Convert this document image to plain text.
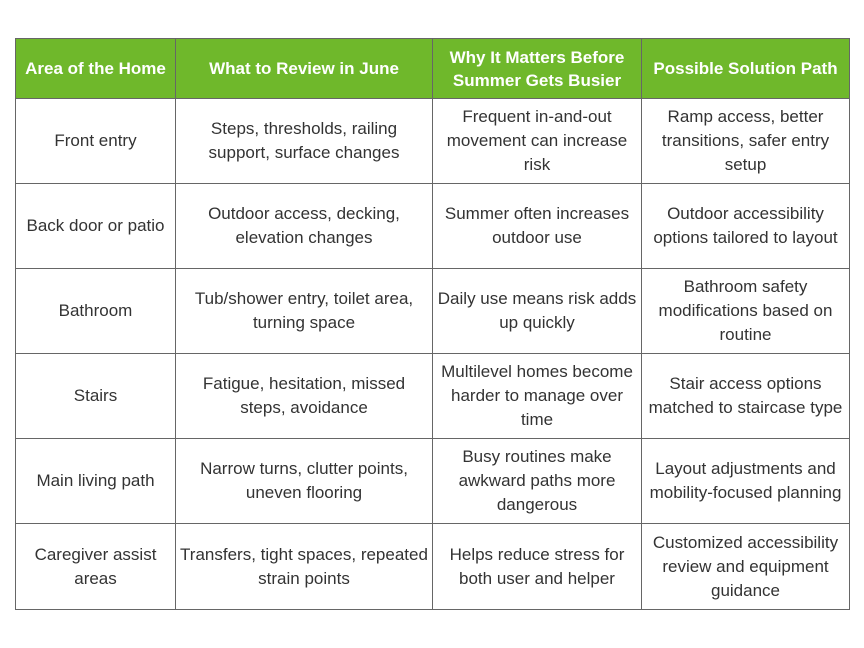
Area of the Home	What to Review in June	Why It Matters Before Summer Gets Busier	Possible Solution Path
Front entry	Steps, thresholds, railing support, surface changes	Frequent in-and-out movement can increase risk	Ramp access, better transitions, safer entry setup
Back door or patio	Outdoor access, decking, elevation changes	Summer often increases outdoor use	Outdoor accessibility options tailored to layout
Bathroom	Tub/shower entry, toilet area, turning space	Daily use means risk adds up quickly	Bathroom safety modifications based on routine
Stairs	Fatigue, hesitation, missed steps, avoidance	Multilevel homes become harder to manage over time	Stair access options matched to staircase type
Main living path	Narrow turns, clutter points, uneven flooring	Busy routines make awkward paths more dangerous	Layout adjustments and mobility-focused planning
Caregiver assist areas	Transfers, tight spaces, repeated strain points	Helps reduce stress for both user and helper	Customized accessibility review and equipment guidance
